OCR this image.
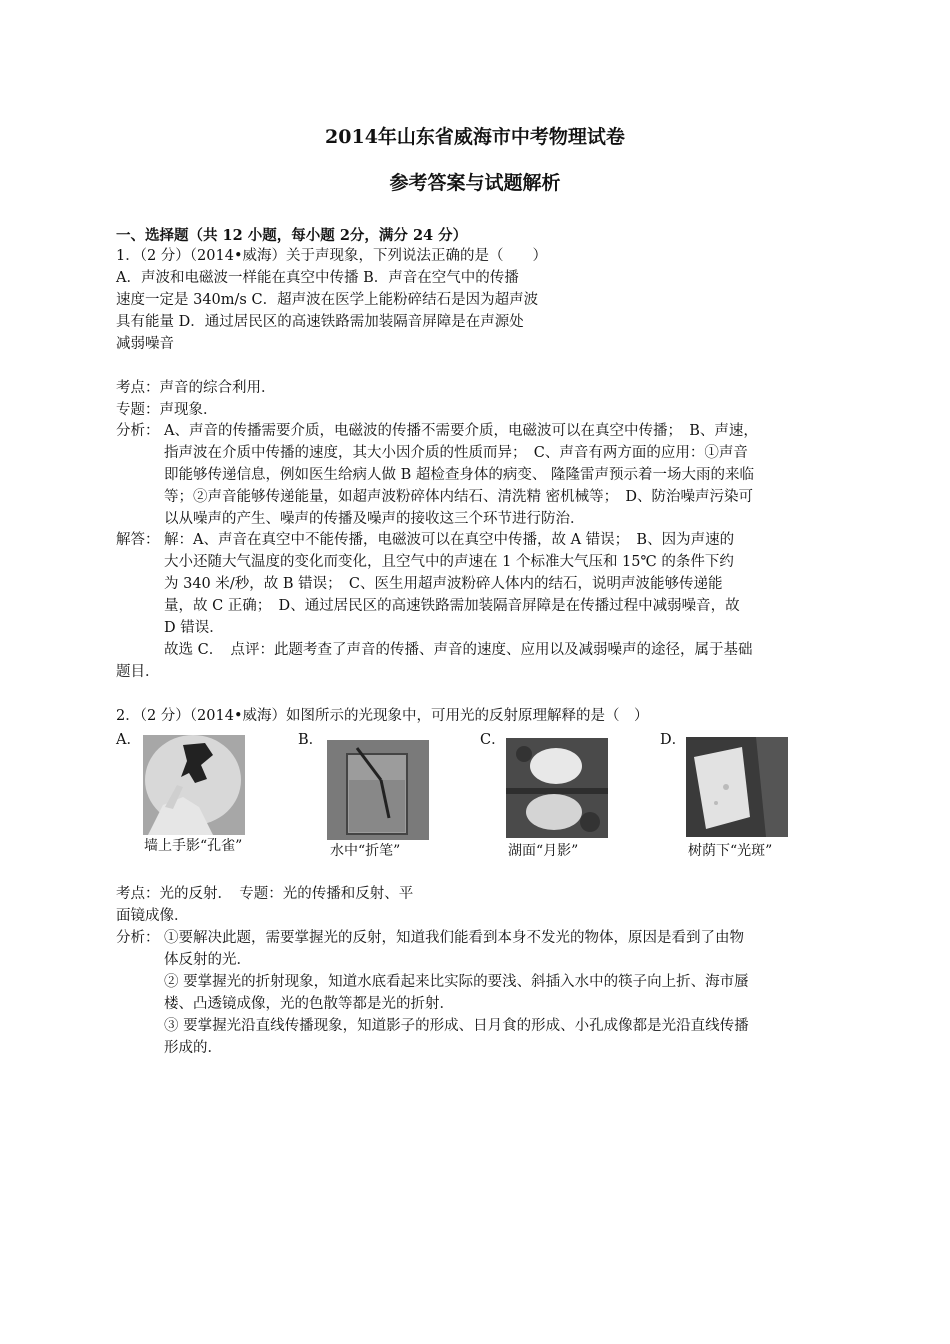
2014年山东省威海市中考物理试卷
参考答案与试题解析
一、选择题（共 12 小题，每小题 2分，满分 24 分）
1．（2 分）（2014•威海）关于声现象，下列说法正确的是（　　）
A．声波和电磁波一样能在真空中传播 B．声音在空气中的传播
速度一定是 340m/s C．超声波在医学上能粉碎结石是因为超声波
具有能量 D．通过居民区的高速铁路需加装隔音屏障是在声源处
减弱噪音
考点：声音的综合利用．
专题：声现象．
分析： A、声音的传播需要介质，电磁波的传播不需要介质，电磁波可以在真空中传播；　B、声速，
指声波在介质中传播的速度，其大小因介质的性质而异；　C、声音有两方面的应用：①声音
即能够传递信息，例如医生给病人做 B 超检查身体的病变、 隆隆雷声预示着一场大雨的来临
等；②声音能够传递能量，如超声波粉碎体内结石、清洗精 密机械等；　D、防治噪声污染可
以从噪声的产生、噪声的传播及噪声的接收这三个环节进行防治．
解答： 解：A、声音在真空中不能传播，电磁波可以在真空中传播，故 A 错误；　B、因为声速的
大小还随大气温度的变化而变化，且空气中的声速在 1 个标准大气压和 15℃ 的条件下约
为 340 米/秒，故 B 错误；　C、医生用超声波粉碎人体内的结石，说明声波能够传递能
量，故 C 正确；　D、通过居民区的高速铁路需加装隔音屏障是在传播过程中减弱噪音，故
D 错误．
故选 C．　点评：此题考查了声音的传播、声音的速度、应用以及减弱噪声的途径，属于基础
题目．
2．（2 分）（2014•威海）如图所示的光现象中，可用光的反射原理解释的是（　）
A．	B．	C．	D．
墙上手影“孔雀”	水中“折笔”	湖面“月影”	树荫下“光斑”
考点：光的反射．　专题：光的传播和反射、平
面镜成像．
分析： ①要解决此题，需要掌握光的反射，知道我们能看到本身不发光的物体，原因是看到了由物
体反射的光．
② 要掌握光的折射现象，知道水底看起来比实际的要浅、斜插入水中的筷子向上折、海市蜃
楼、凸透镜成像，光的色散等都是光的折射．
③ 要掌握光沿直线传播现象，知道影子的形成、日月食的形成、小孔成像都是光沿直线传播
形成的．
